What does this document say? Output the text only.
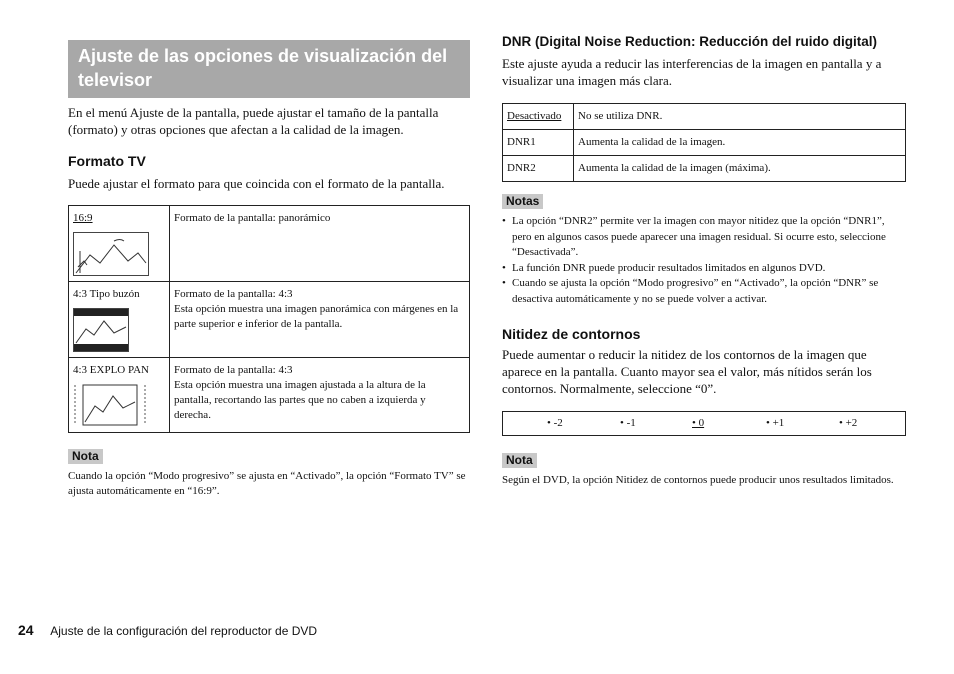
Ajuste de las opciones de visualización del televisor
En el menú Ajuste de la pantalla, puede ajustar el tamaño de la pantalla (formato) y otras opciones que afectan a la calidad de la imagen.
Formato TV
Puede ajustar el formato para que coincida con el formato de la pantalla.
16:9	Formato de la pantalla: panorámico

4:3 Tipo buzón	Formato de la pantalla: 4:3
Esta opción muestra una imagen panorámica con márgenes en la parte superior e inferior de la pantalla.

4:3 EXPLO PAN	Formato de la pantalla: 4:3
Esta opción muestra una imagen ajustada a la altura de la pantalla, recortando las partes que no caben a izquierda y derecha.
Nota
Cuando la opción “Modo progresivo” se ajusta en “Activado”, la opción “Formato TV” se ajusta automáticamente en “16:9”.
DNR (Digital Noise Reduction: Reducción del ruido digital)
Este ajuste ayuda a reducir las interferencias de la imagen en pantalla y a visualizar una imagen más clara.
Desactivado	No se utiliza DNR.
DNR1	Aumenta la calidad de la imagen.
DNR2	Aumenta la calidad de la imagen (máxima).
Notas
• La opción “DNR2” permite ver la imagen con mayor nitidez que la opción “DNR1”, pero en algunos casos puede aparecer una imagen residual. Si ocurre esto, seleccione “Desactivada”.
• La función DNR puede producir resultados limitados en algunos DVD.
• Cuando se ajusta la opción “Modo progresivo” en “Activado”, la opción “DNR” se desactiva automáticamente y no se puede volver a activar.
Nitidez de contornos
Puede aumentar o reducir la nitidez de los contornos de la imagen que aparece en la pantalla. Cuanto mayor sea el valor, más nítidos serán los contornos. Normalmente, seleccione “0”.
• -2	• -1	• 0	• +1	• +2
Nota
Según el DVD, la opción Nitidez de contornos puede producir unos resultados limitados.
24 Ajuste de la configuración del reproductor de DVD
